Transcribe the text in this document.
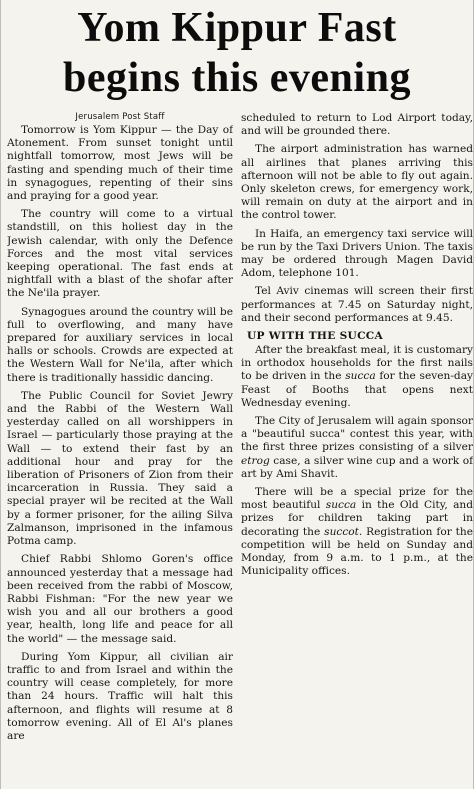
Yom Kippur Fast
begins this evening

Jerusalem Post Staff

Tomorrow is Yom Kippur — the Day of Atonement. From sunset tonight until nightfall tomorrow, most Jews will be fasting and spending much of their time in synagogues, repenting of their sins and praying for a good year.

The country will come to a virtual standstill, on this holiest day in the Jewish calendar, with only the Defence Forces and the most vital services keeping operational. The fast ends at nightfall with a blast of the shofar after the Ne'ila prayer.

Synagogues around the country will be full to overflowing, and many have prepared for auxiliary services in local halls or schools. Crowds are expected at the Western Wall for Ne'ila, after which there is traditionally hassidic dancing.

The Public Council for Soviet Jewry and the Rabbi of the Western Wall yesterday called on all worshippers in Israel — particularly those praying at the Wall — to extend their fast by an additional hour and pray for the liberation of Prisoners of Zion from their incarceration in Russia. They said a special prayer wil be recited at the Wall by a former prisoner, for the ailing Silva Zalmanson, imprisoned in the infamous Potma camp.

Chief Rabbi Shlomo Goren's office announced yesterday that a message had been received from the rabbi of Moscow, Rabbi Fishman: "For the new year we wish you and all our brothers a good year, health, long life and peace for all the world" — the message said.

During Yom Kippur, all civilian air traffic to and from Israel and within the country will cease completely, for more than 24 hours. Traffic will halt this afternoon, and flights will resume at 8 tomorrow evening. All of El Al's planes are

scheduled to return to Lod Airport today, and will be grounded there.

The airport administration has warned all airlines that planes arriving this afternoon will not be able to fly out again. Only skeleton crews, for emergency work, will remain on duty at the airport and in the control tower.

In Haifa, an emergency taxi service will be run by the Taxi Drivers Union. The taxis may be ordered through Magen David Adom, telephone 101.

Tel Aviv cinemas will screen their first performances at 7.45 on Saturday night, and their second performances at 9.45.

UP WITH THE SUCCA

After the breakfast meal, it is customary in orthodox households for the first nails to be driven in the succa for the seven-day Feast of Booths that opens next Wednesday evening.

The City of Jerusalem will again sponsor a "beautiful succa" contest this year, with the first three prizes consisting of a silver etrog case, a silver wine cup and a work of art by Ami Shavit.

There will be a special prize for the most beautiful succa in the Old City, and prizes for children taking part in decorating the succot. Registration for the competition will be held on Sunday and Monday, from 9 a.m. to 1 p.m., at the Municipality offices.
